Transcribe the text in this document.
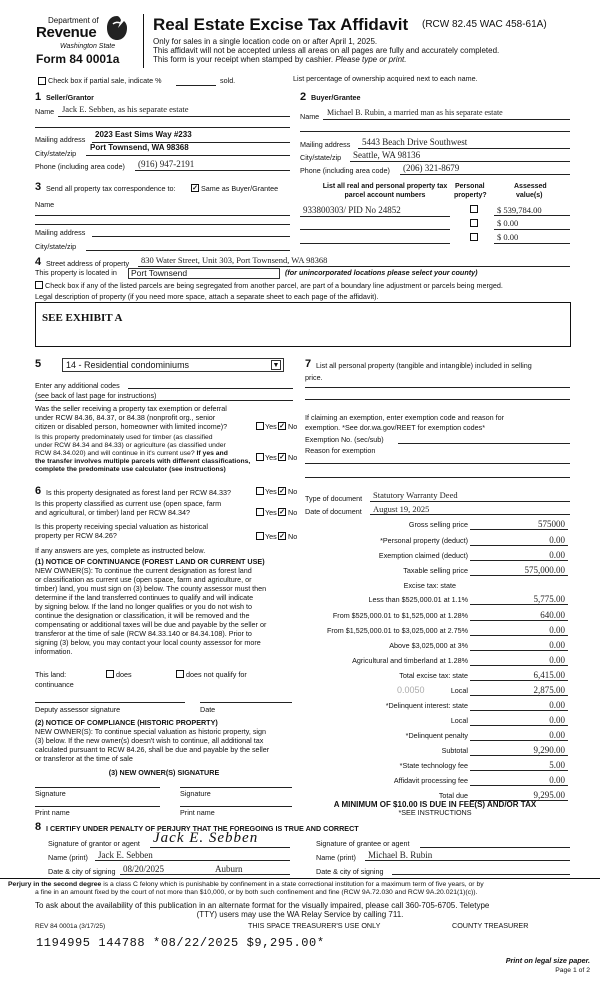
Department of
Revenue
Washington State
Form 84 0001a
Real Estate Excise Tax Affidavit (RCW 82.45 WAC 458-61A)
Only for sales in a single location code on or after April 1, 2025.
This affidavit will not be accepted unless all areas on all pages are fully and accurately completed.
This form is your receipt when stamped by cashier. Please type or print.
Check box if partial sale, indicate %	sold.	List percentage of ownership acquired next to each name.
1 Seller/Grantor
Name Jack E. Sebben, as his separate estate
Mailing address
2023 East Sims Way #233
City/state/zip
Port Townsend, WA 98368
Phone (including area code) (916) 947-2191
2 Buyer/Grantee
Name Michael B. Rubin, a married man as his separate estate
Mailing address 5443 Beach Drive Southwest
City/state/zip Seattle, WA 98136
Phone (including area code) (206) 321-8679
List all real and personal property tax
parcel account numbers
Personal
property?
Assessed
value(s)
933800303/ PID No 24852	$ 539,784.00
$ 0.00
$ 0.00
3 Send all property tax correspondence to: ✓ Same as Buyer/Grantee
Name
Mailing address
City/state/zip
4 Street address of property 830 Water Street, Unit 303, Port Townsend, WA 98368
This property is located in	Port Townsend	(for unincorporated locations please select your county)
Check box if any of the listed parcels are being segregated from another parcel, are part of a boundary line adjustment or parcels being merged.
Legal description of property (if you need more space, attach a separate sheet to each page of the affidavit).
SEE EXHIBIT A
5	14 - Residential condominiums	▼
Enter any additional codes
(see back of last page for instructions)
Was the seller receiving a property tax exemption or deferral
under RCW 84.36, 84.37, or 84.38 (nonprofit org., senior
citizen or disabled person, homeowner with limited income)?	Yes ✓ No
Is this property predominately used for timber (as classified
under RCW 84.34 and 84.33) or agriculture (as classified under
RCW 84.34.020) and will continue in it's current use? If yes and
the transfer involves multiple parcels with different classifications,
complete the predominate use calculator (see instructions)
Yes ✓ No
6 Is this property designated as forest land per RCW 84.33?	Yes ✓ No
Is this property classified as current use (open space, farm
and agricultural, or timber) land per RCW 84.34?	Yes ✓ No
Is this property receiving special valuation as historical
property per RCW 84.26?	Yes ✓ No
If any answers are yes, complete as instructed below.
(1) NOTICE OF CONTINUANCE (FOREST LAND OR CURRENT USE)
NEW OWNER(S): To continue the current designation as forest land
or classification as current use (open space, farm and agriculture, or
timber) land, you must sign on (3) below. The county assessor must then
determine if the land transferred continues to qualify and will indicate
by signing below. If the land no longer qualifies or you do not wish to
continue the designation or classification, it will be removed and the
compensating or additional taxes will be due and payable by the seller or
transferor at the time of sale (RCW 84.33.140 or 84.34.108). Prior to
signing (3) below, you may contact your local county assessor for more
information.
This land:	does	does not qualify for
continuance
Deputy assessor signature	Date
(2) NOTICE OF COMPLIANCE (HISTORIC PROPERTY)
NEW OWNER(S): To continue special valuation as historic property, sign
(3) below. If the new owner(s) doesn't wish to continue, all additional tax
calculated pursuant to RCW 84.26, shall be due and payable by the seller
or transferor at the time of sale
(3) NEW OWNER(S) SIGNATURE
Signature	Signature
Print name	Print name
7 List all personal property (tangible and intangible) included in selling
price.
If claiming an exemption, enter exemption code and reason for
exemption. *See dor.wa.gov/REET for exemption codes*
Exemption No. (sec/sub)
Reason for exemption
Type of document Statutory Warranty Deed
Date of document August 19, 2025
Gross selling price	575000
*Personal property (deduct)	0.00
Exemption claimed (deduct)	0.00
Taxable selling price	575,000.00
Excise tax: state
Less than $525,000.01 at 1.1%	5,775.00
From $525,000.01 to $1,525,000 at 1.28%	640.00
From $1,525,000.01 to $3,025,000 at 2.75%	0.00
Above $3,025,000 at 3%	0.00
Agricultural and timberland at 1.28%	0.00
Total excise tax: state	6,415.00
0.0050	Local	2,875.00
*Delinquent interest: state	0.00
Local	0.00
*Delinquent penalty	0.00
Subtotal	9,290.00
*State technology fee	5.00
Affidavit processing fee	0.00
Total due	9,295.00
A MINIMUM OF $10.00 IS DUE IN FEE(S) AND/OR TAX
*SEE INSTRUCTIONS
8 I CERTIFY UNDER PENALTY OF PERJURY THAT THE FOREGOING IS TRUE AND CORRECT
Signature of grantor or agent Jack E. Sebben
Name (print) Jack E. Sebben
Date & city of signing 08/20/2025	Auburn
Signature of grantee or agent
Name (print) Michael B. Rubin
Date & city of signing
Perjury in the second degree is a class C felony which is punishable by confinement in a state correctional institution for a maximum term of five years, or by
a fine in an amount fixed by the court of not more than $10,000, or by both such confinement and fine (RCW 9A.72.030 and RCW 9A.20.021(1)(c)).
To ask about the availability of this publication in an alternate format for the visually impaired, please call 360-705-6705. Teletype
(TTY) users may use the WA Relay Service by calling 711.
REV 84 0001a (3/17/25)	THIS SPACE TREASURER'S USE ONLY	COUNTY TREASURER
1194995 144788 *08/22/2025 $9,295.00*
Print on legal size paper.
Page 1 of 2
